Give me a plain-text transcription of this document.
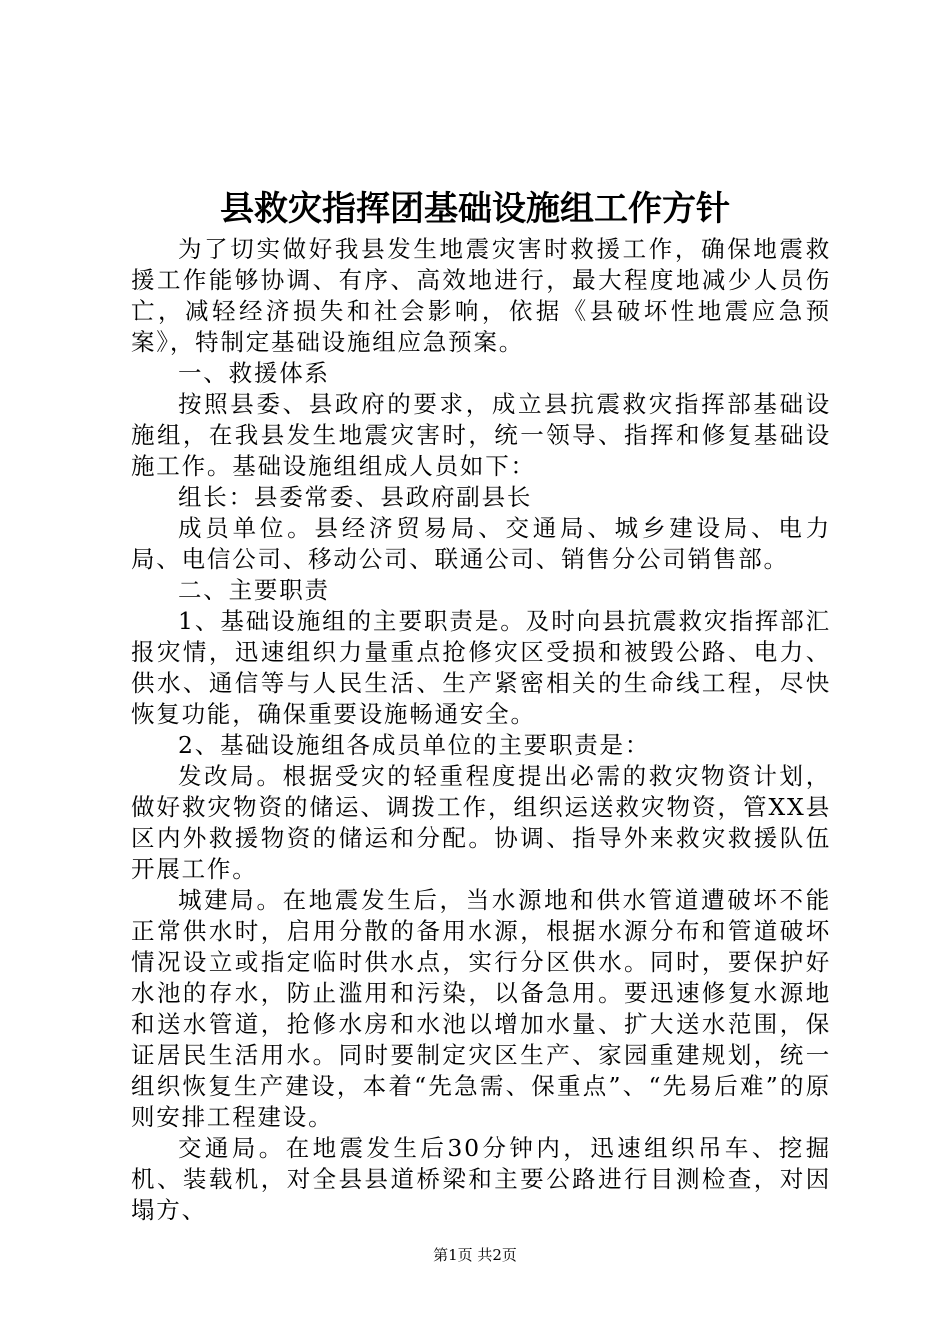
县救灾指挥团基础设施组工作方针

为了切实做好我县发生地震灾害时救援工作，确保地震救援工作能够协调、有序、高效地进行，最大程度地减少人员伤亡，减轻经济损失和社会影响，依据《县破坏性地震应急预案》，特制定基础设施组应急预案。

一、救援体系

按照县委、县政府的要求，成立县抗震救灾指挥部基础设施组，在我县发生地震灾害时，统一领导、指挥和修复基础设施工作。基础设施组组成人员如下：

组长：县委常委、县政府副县长

成员单位。县经济贸易局、交通局、城乡建设局、电力局、电信公司、移动公司、联通公司、销售分公司销售部。

二、主要职责

1、基础设施组的主要职责是。及时向县抗震救灾指挥部汇报灾情，迅速组织力量重点抢修灾区受损和被毁公路、电力、供水、通信等与人民生活、生产紧密相关的生命线工程，尽快恢复功能，确保重要设施畅通安全。

2、基础设施组各成员单位的主要职责是：

发改局。根据受灾的轻重程度提出必需的救灾物资计划，做好救灾物资的储运、调拨工作，组织运送救灾物资，管XX县区内外救援物资的储运和分配。协调、指导外来救灾救援队伍开展工作。

城建局。在地震发生后，当水源地和供水管道遭破坏不能正常供水时，启用分散的备用水源，根据水源分布和管道破坏情况设立或指定临时供水点，实行分区供水。同时，要保护好水池的存水，防止滥用和污染，以备急用。要迅速修复水源地和送水管道，抢修水房和水池以增加水量、扩大送水范围，保证居民生活用水。同时要制定灾区生产、家园重建规划，统一组织恢复生产建设，本着“先急需、保重点”、“先易后难”的原则安排工程建设。

交通局。在地震发生后30分钟内，迅速组织吊车、挖掘机、装载机，对全县县道桥梁和主要公路进行目测检查，对因塌方、

第1页 共2页
